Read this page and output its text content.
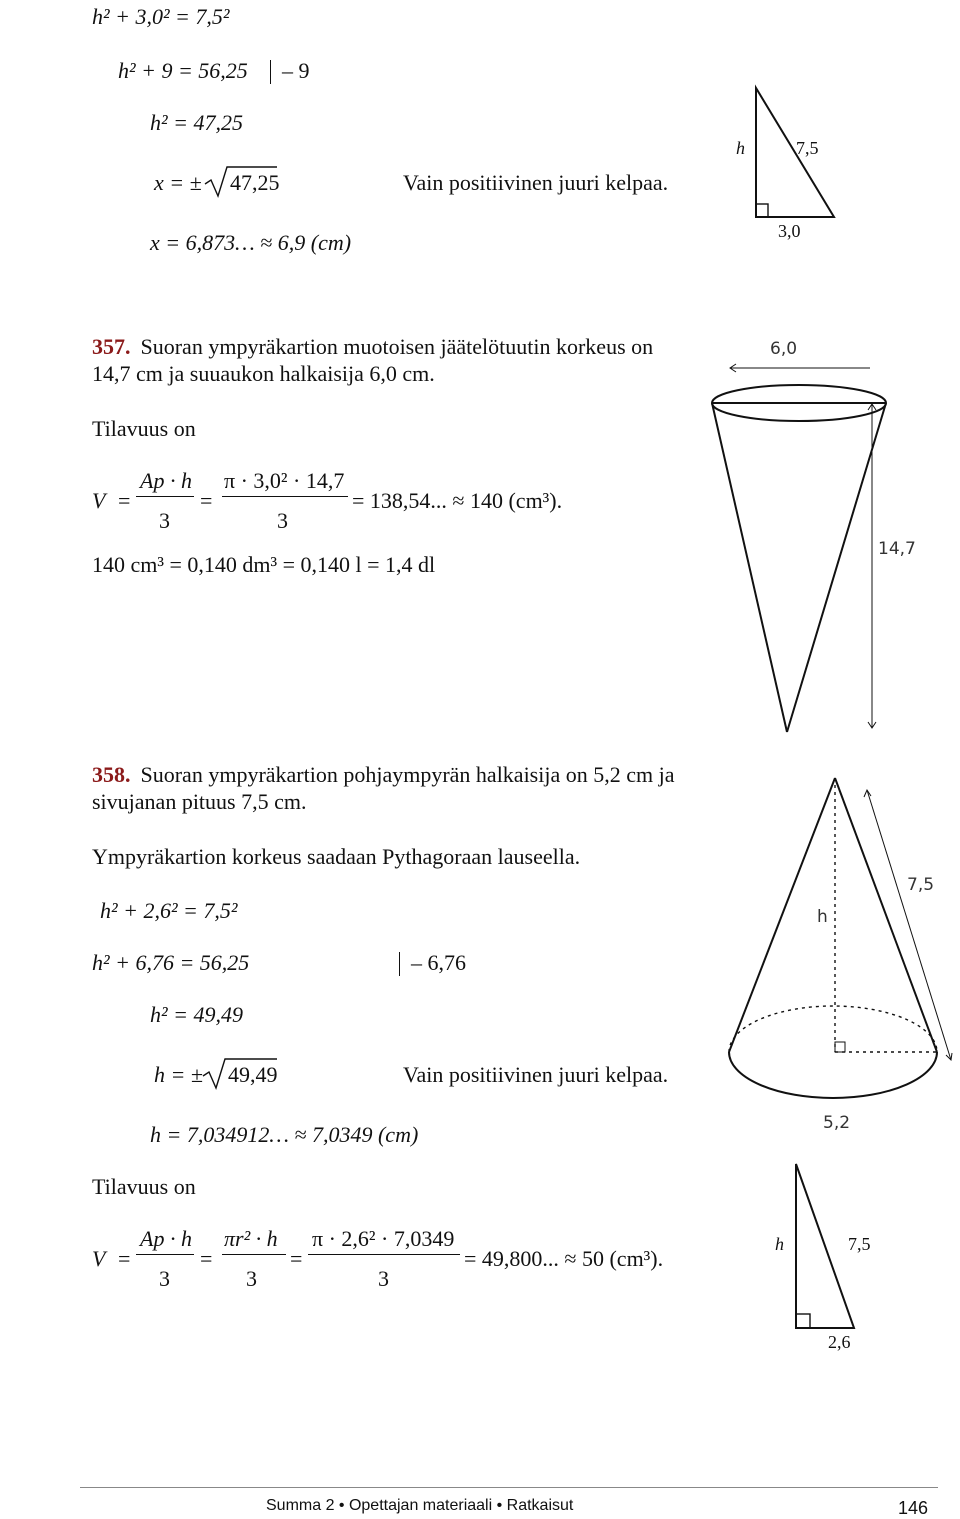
h² + 3,0² = 7,5²
h² + 9 = 56,25 – 9
h² = 47,25
x = ± 47,25	Vain positiivinen juuri kelpaa.
x = 6,873… ≈ 6,9 (cm)
h	7,5
3,0
357.
14,7 cm ja suuaukon halkaisija 6,0 cm.
Tilavuus on
V =
Ap · h
3
=
π · 3,0² · 14,7
3
= 138,54... ≈ 140 (cm³).
140 cm³ = 0,140 dm³ = 0,140 l = 1,4 dl
6,0
14,7
358.
sivujanan pituus 7,5 cm.
Ympyräkartion korkeus saadaan Pythagoraan lauseella.
h² + 2,6² = 7,5²
h² + 6,76 = 56,25	– 6,76
h² = 49,49
h = ± 49,49	Vain positiivinen juuri kelpaa.
h = 7,034912… ≈ 7,0349 (cm)
Tilavuus on
V =
Ap · h
3
=
πr² · h
3
=
π · 2,6² · 7,0349
3
= 49,800... ≈ 50 (cm³).
7,5
h
5,2
h	7,5
2,6
Summa 2 • Opettajan materiaali • Ratkaisut	146
Suoran ympyräkartion muotoisen jäätelötuutin korkeus on
Suoran ympyräkartion pohjaympyrän halkaisija on 5,2 cm ja
